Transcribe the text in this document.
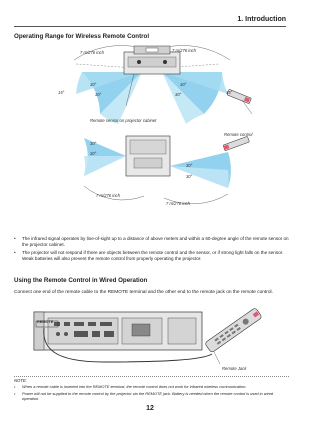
1. Introduction
Operating Range for Wireless Remote Control
7 m/276 inch	7 m/276 inch
30°
30°
30°
30°
15°	15°
Remote sensor on projector cabinet
Remote control
30°
30°
30°
30°
7 m/276 inch
7 m/276 inch
•	The infrared signal operates by line-of-sight up to a distance of above meters and within a 60-degree angle of the remote sensor on the projector cabinet.
•	The projector will not respond if there are objects between the remote control and the sensor, or if strong light falls on the sensor. Weak batteries will also prevent the remote control from properly operating the projector.
Using the Remote Control in Wired Operation
Connect one end of the remote cable to the REMOTE terminal and the other end to the remote jack on the remote control.
REMOTE
Remote Jack
NOTE:
•	When a remote cable is inserted into the REMOTE terminal, the remote control does not work for infrared wireless communication.
•	Power will not be supplied to the remote control by the projector via the REMOTE jack. Battery is needed when the remote control is used in wired operation.
12
